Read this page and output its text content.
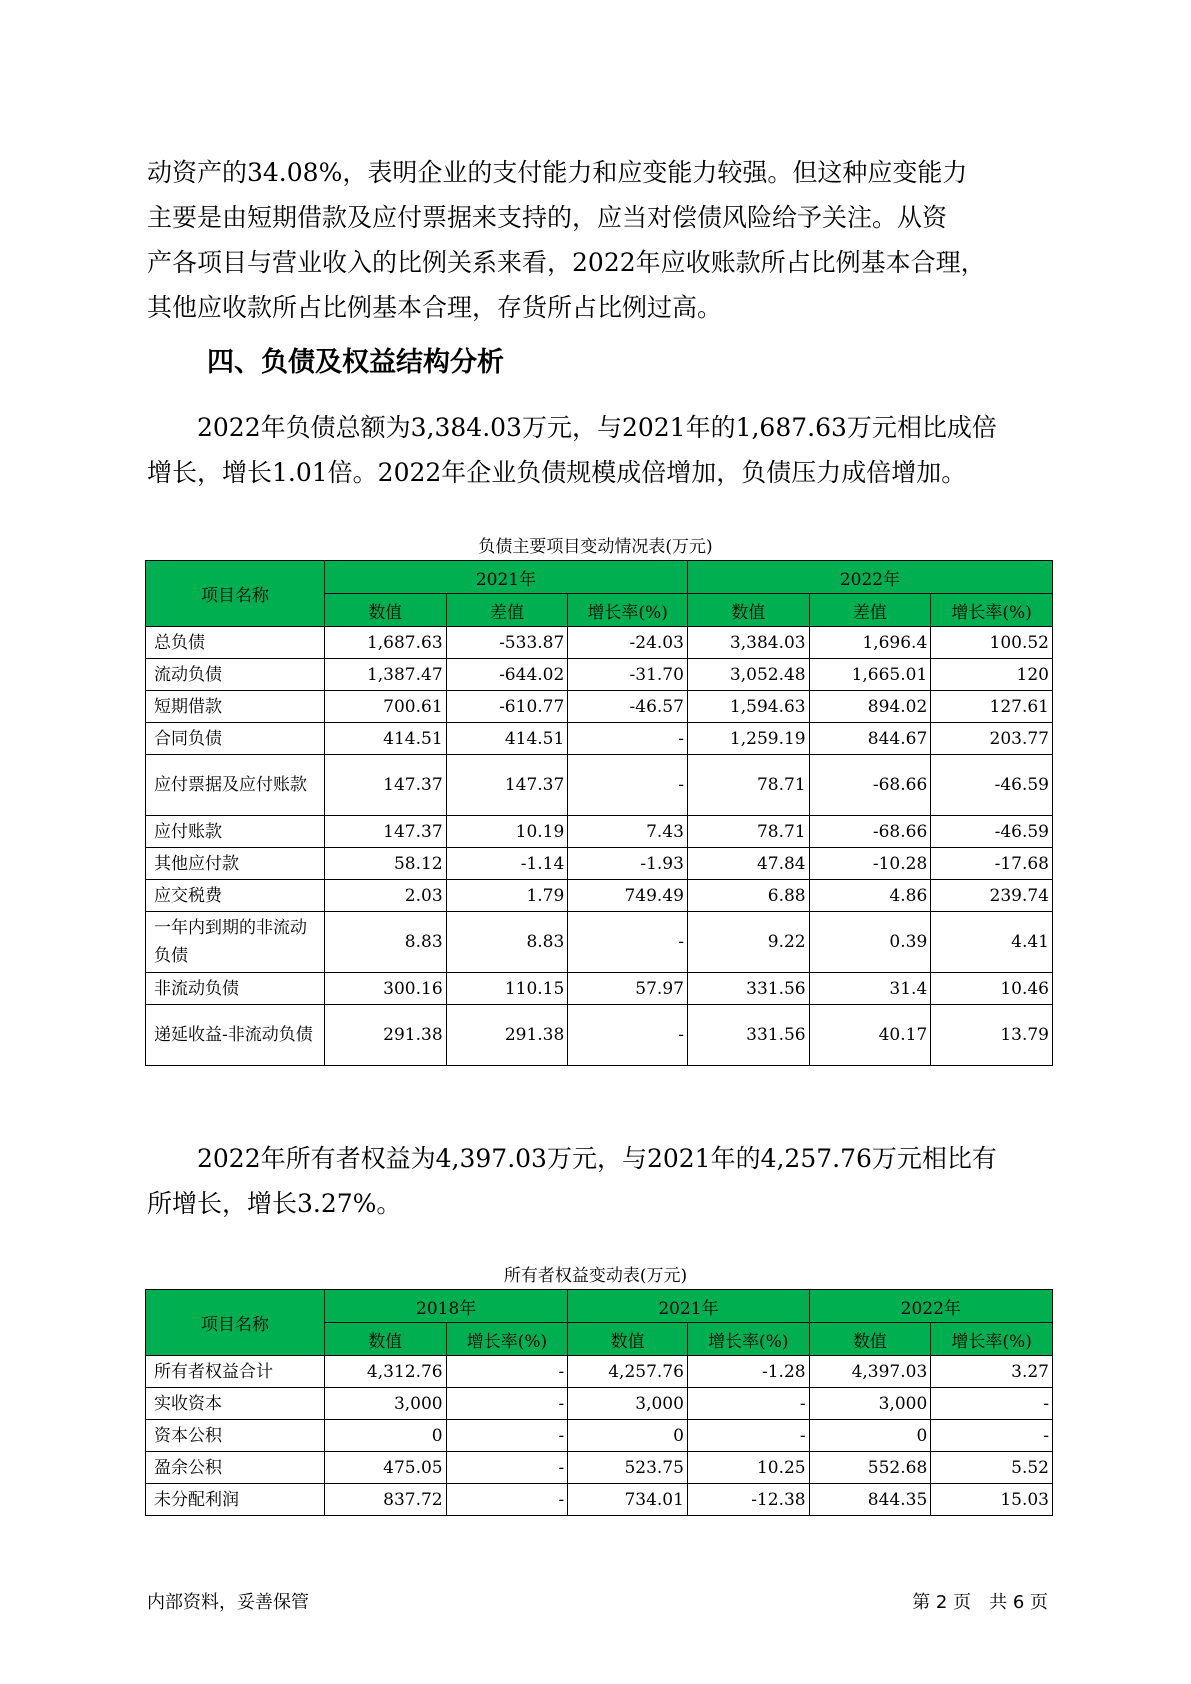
动资产的34.08%，表明企业的支付能力和应变能力较强。但这种应变能力
主要是由短期借款及应付票据来支持的，应当对偿债风险给予关注。从资
产各项目与营业收入的比例关系来看，2022年应收账款所占比例基本合理，
其他应收款所占比例基本合理，存货所占比例过高。
四、负债及权益结构分析
　　2022年负债总额为3,384.03万元，与2021年的1,687.63万元相比成倍
增长，增长1.01倍。2022年企业负债规模成倍增加，负债压力成倍增加。

负债主要项目变动情况表(万元)

项目名称	2021年			2022年		
	数值	差值	增长率(%)	数值	差值	增长率(%)
总负债	1,687.63	-533.87	-24.03	3,384.03	1,696.4	100.52
流动负债	1,387.47	-644.02	-31.70	3,052.48	1,665.01	120
短期借款	700.61	-610.77	-46.57	1,594.63	894.02	127.61
合同负债	414.51	414.51	-	1,259.19	844.67	203.77
应付票据及应付账款	147.37	147.37	-	78.71	-68.66	-46.59
应付账款	147.37	10.19	7.43	78.71	-68.66	-46.59
其他应付款	58.12	-1.14	-1.93	47.84	-10.28	-17.68
应交税费	2.03	1.79	749.49	6.88	4.86	239.74
一年内到期的非流动负债	8.83	8.83	-	9.22	0.39	4.41
非流动负债	300.16	110.15	57.97	331.56	31.4	10.46
递延收益-非流动负债	291.38	291.38	-	331.56	40.17	13.79
　　2022年所有者权益为4,397.03万元，与2021年的4,257.76万元相比有
所增长，增长3.27%。

所有者权益变动表(万元)

项目名称	2018年		2021年		2022年	
	数值	增长率(%)	数值	增长率(%)	数值	增长率(%)
所有者权益合计	4,312.76	-	4,257.76	-1.28	4,397.03	3.27
实收资本	3,000	-	3,000	-	3,000	-
资本公积	0	-	0	-	0	-
盈余公积	475.05	-	523.75	10.25	552.68	5.52
未分配利润	837.72	-	734.01	-12.38	844.35	15.03

内部资料，妥善保管	第 2 页　共 6 页
